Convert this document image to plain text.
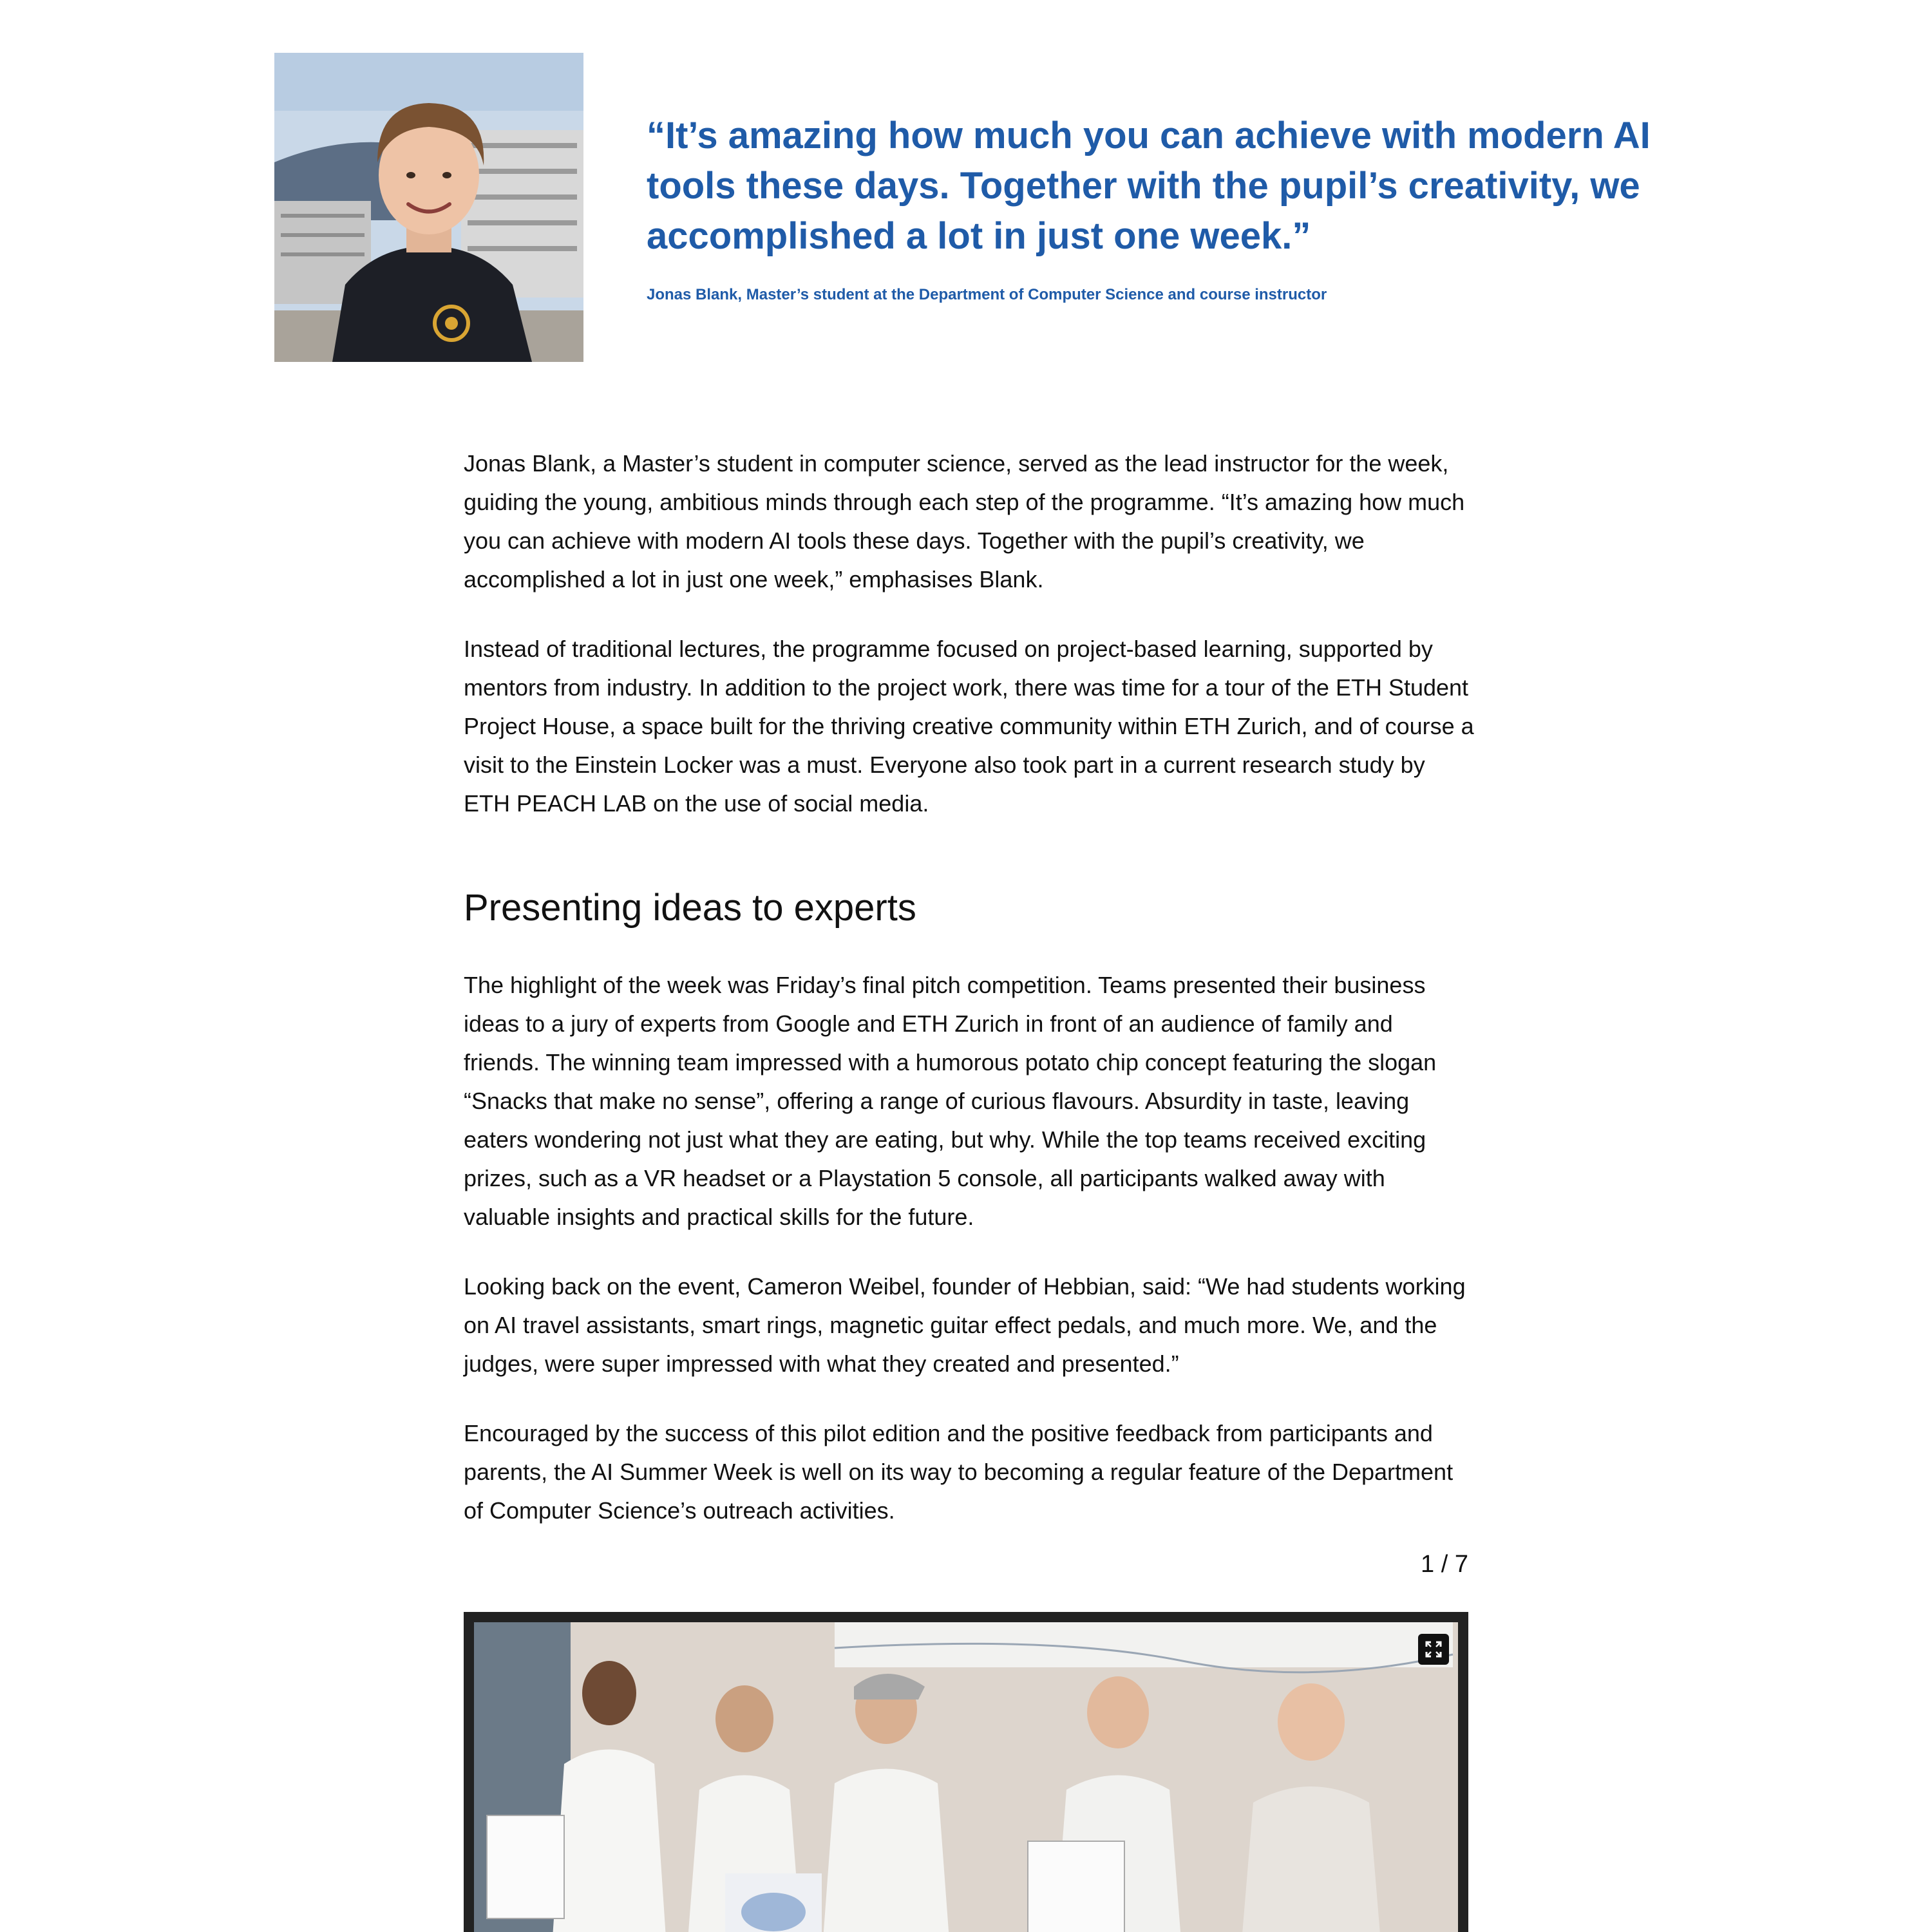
“It’s amazing how much you can achieve with modern AI tools these days. Together with the pupil’s creativity, we accomplished a lot in just one week.”

Jonas Blank, Master’s student at the Department of Computer Science and course instructor

Jonas Blank, a Master’s student in computer science, served as the lead instructor for the week, guiding the young, ambitious minds through each step of the programme. “It’s amazing how much you can achieve with modern AI tools these days. Together with the pupil’s creativity, we accomplished a lot in just one week,” emphasises Blank.

Instead of traditional lectures, the programme focused on project-based learning, supported by mentors from industry. In addition to the project work, there was time for a tour of the ETH Student Project House, a space built for the thriving creative community within ETH Zurich, and of course a visit to the Einstein Locker was a must. Everyone also took part in a current research study by ETH PEACH LAB on the use of social media.

Presenting ideas to experts

The highlight of the week was Friday’s final pitch competition. Teams presented their business ideas to a jury of experts from Google and ETH Zurich in front of an audience of family and friends. The winning team impressed with a humorous potato chip concept featuring the slogan “Snacks that make no sense”, offering a range of curious flavours. Absurdity in taste, leaving eaters wondering not just what they are eating, but why. While the top teams received exciting prizes, such as a VR headset or a Playstation 5 console, all participants walked away with valuable insights and practical skills for the future.

Looking back on the event, Cameron Weibel, founder of Hebbian, said: “We had students working on AI travel assistants, smart rings, magnetic guitar effect pedals, and much more. We, and the judges, were super impressed with what they created and presented.”

Encouraged by the success of this pilot edition and the positive feedback from participants and parents, the AI Summer Week is well on its way to becoming a regular feature of the Department of Computer Science’s outreach activities.

1 / 7
